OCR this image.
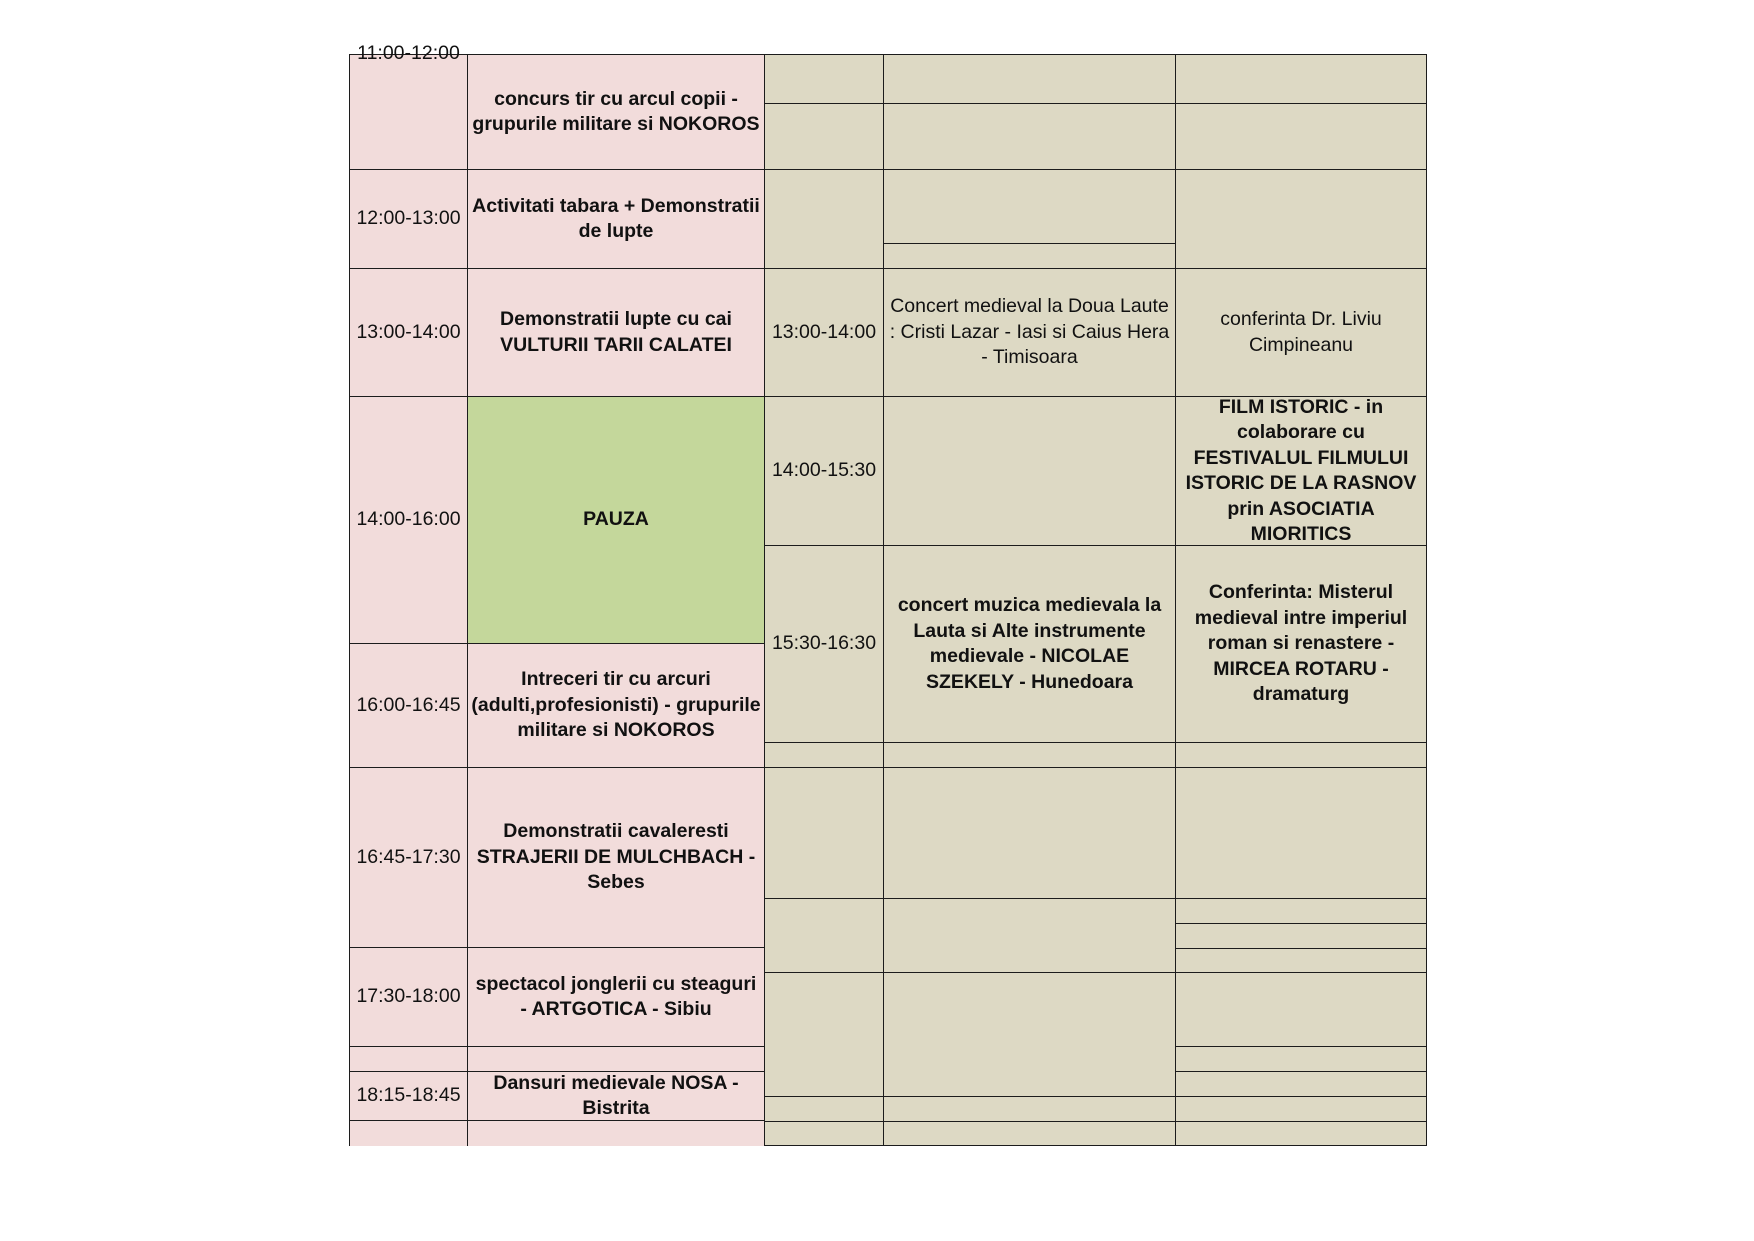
11:00-12:00
concurs tir cu arcul copii - grupurile militare si NOKOROS
12:00-13:00
Activitati tabara + Demonstratii de lupte
13:00-14:00
Demonstratii lupte cu cai VULTURII TARII CALATEI
14:00-16:00	PAUZA
16:00-16:45
Intreceri tir cu arcuri (adulti,profesionisti) - grupurile militare si NOKOROS
16:45-17:30
Demonstratii cavaleresti STRAJERII DE MULCHBACH - Sebes
17:30-18:00
spectacol jonglerii cu steaguri - ARTGOTICA - Sibiu
18:15-18:45
Dansuri medievale NOSA - Bistrita
13:00-14:00
14:00-15:30
15:30-16:30
Concert medieval la Doua Laute : Cristi Lazar - Iasi si Caius Hera - Timisoara
concert muzica medievala la Lauta si Alte instrumente medievale - NICOLAE SZEKELY - Hunedoara
conferinta Dr. Liviu Cimpineanu
FILM ISTORIC - in colaborare cu FESTIVALUL FILMULUI ISTORIC DE LA RASNOV prin ASOCIATIA MIORITICS
Conferinta: Misterul medieval intre imperiul roman si renastere - MIRCEA ROTARU - dramaturg
